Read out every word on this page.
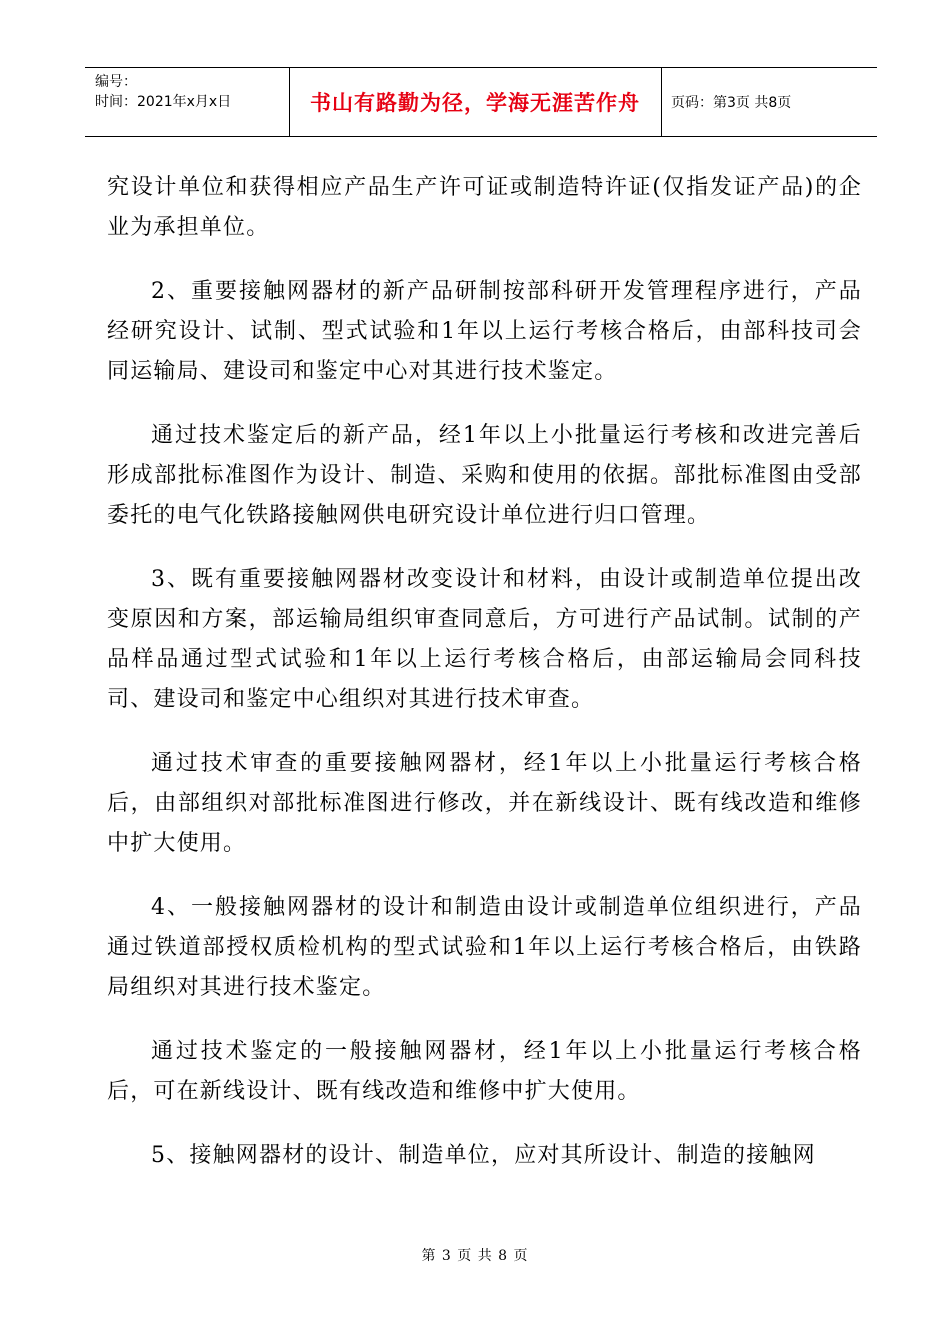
编号：
时间：2021年x月x日	书山有路勤为径，学海无涯苦作舟	页码：第3页 共8页

究设计单位和获得相应产品生产许可证或制造特许证(仅指发证产品)的企业为承担单位。

2、重要接触网器材的新产品研制按部科研开发管理程序进行，产品经研究设计、试制、型式试验和1年以上运行考核合格后，由部科技司会同运输局、建设司和鉴定中心对其进行技术鉴定。

通过技术鉴定后的新产品，经1年以上小批量运行考核和改进完善后形成部批标准图作为设计、制造、采购和使用的依据。部批标准图由受部委托的电气化铁路接触网供电研究设计单位进行归口管理。

3、既有重要接触网器材改变设计和材料，由设计或制造单位提出改变原因和方案，部运输局组织审查同意后，方可进行产品试制。试制的产品样品通过型式试验和1年以上运行考核合格后，由部运输局会同科技司、建设司和鉴定中心组织对其进行技术审查。

通过技术审查的重要接触网器材，经1年以上小批量运行考核合格后，由部组织对部批标准图进行修改，并在新线设计、既有线改造和维修中扩大使用。

4、一般接触网器材的设计和制造由设计或制造单位组织进行，产品通过铁道部授权质检机构的型式试验和1年以上运行考核合格后，由铁路局组织对其进行技术鉴定。

通过技术鉴定的一般接触网器材，经1年以上小批量运行考核合格后，可在新线设计、既有线改造和维修中扩大使用。

5、接触网器材的设计、制造单位，应对其所设计、制造的接触网

第 3 页 共 8 页
